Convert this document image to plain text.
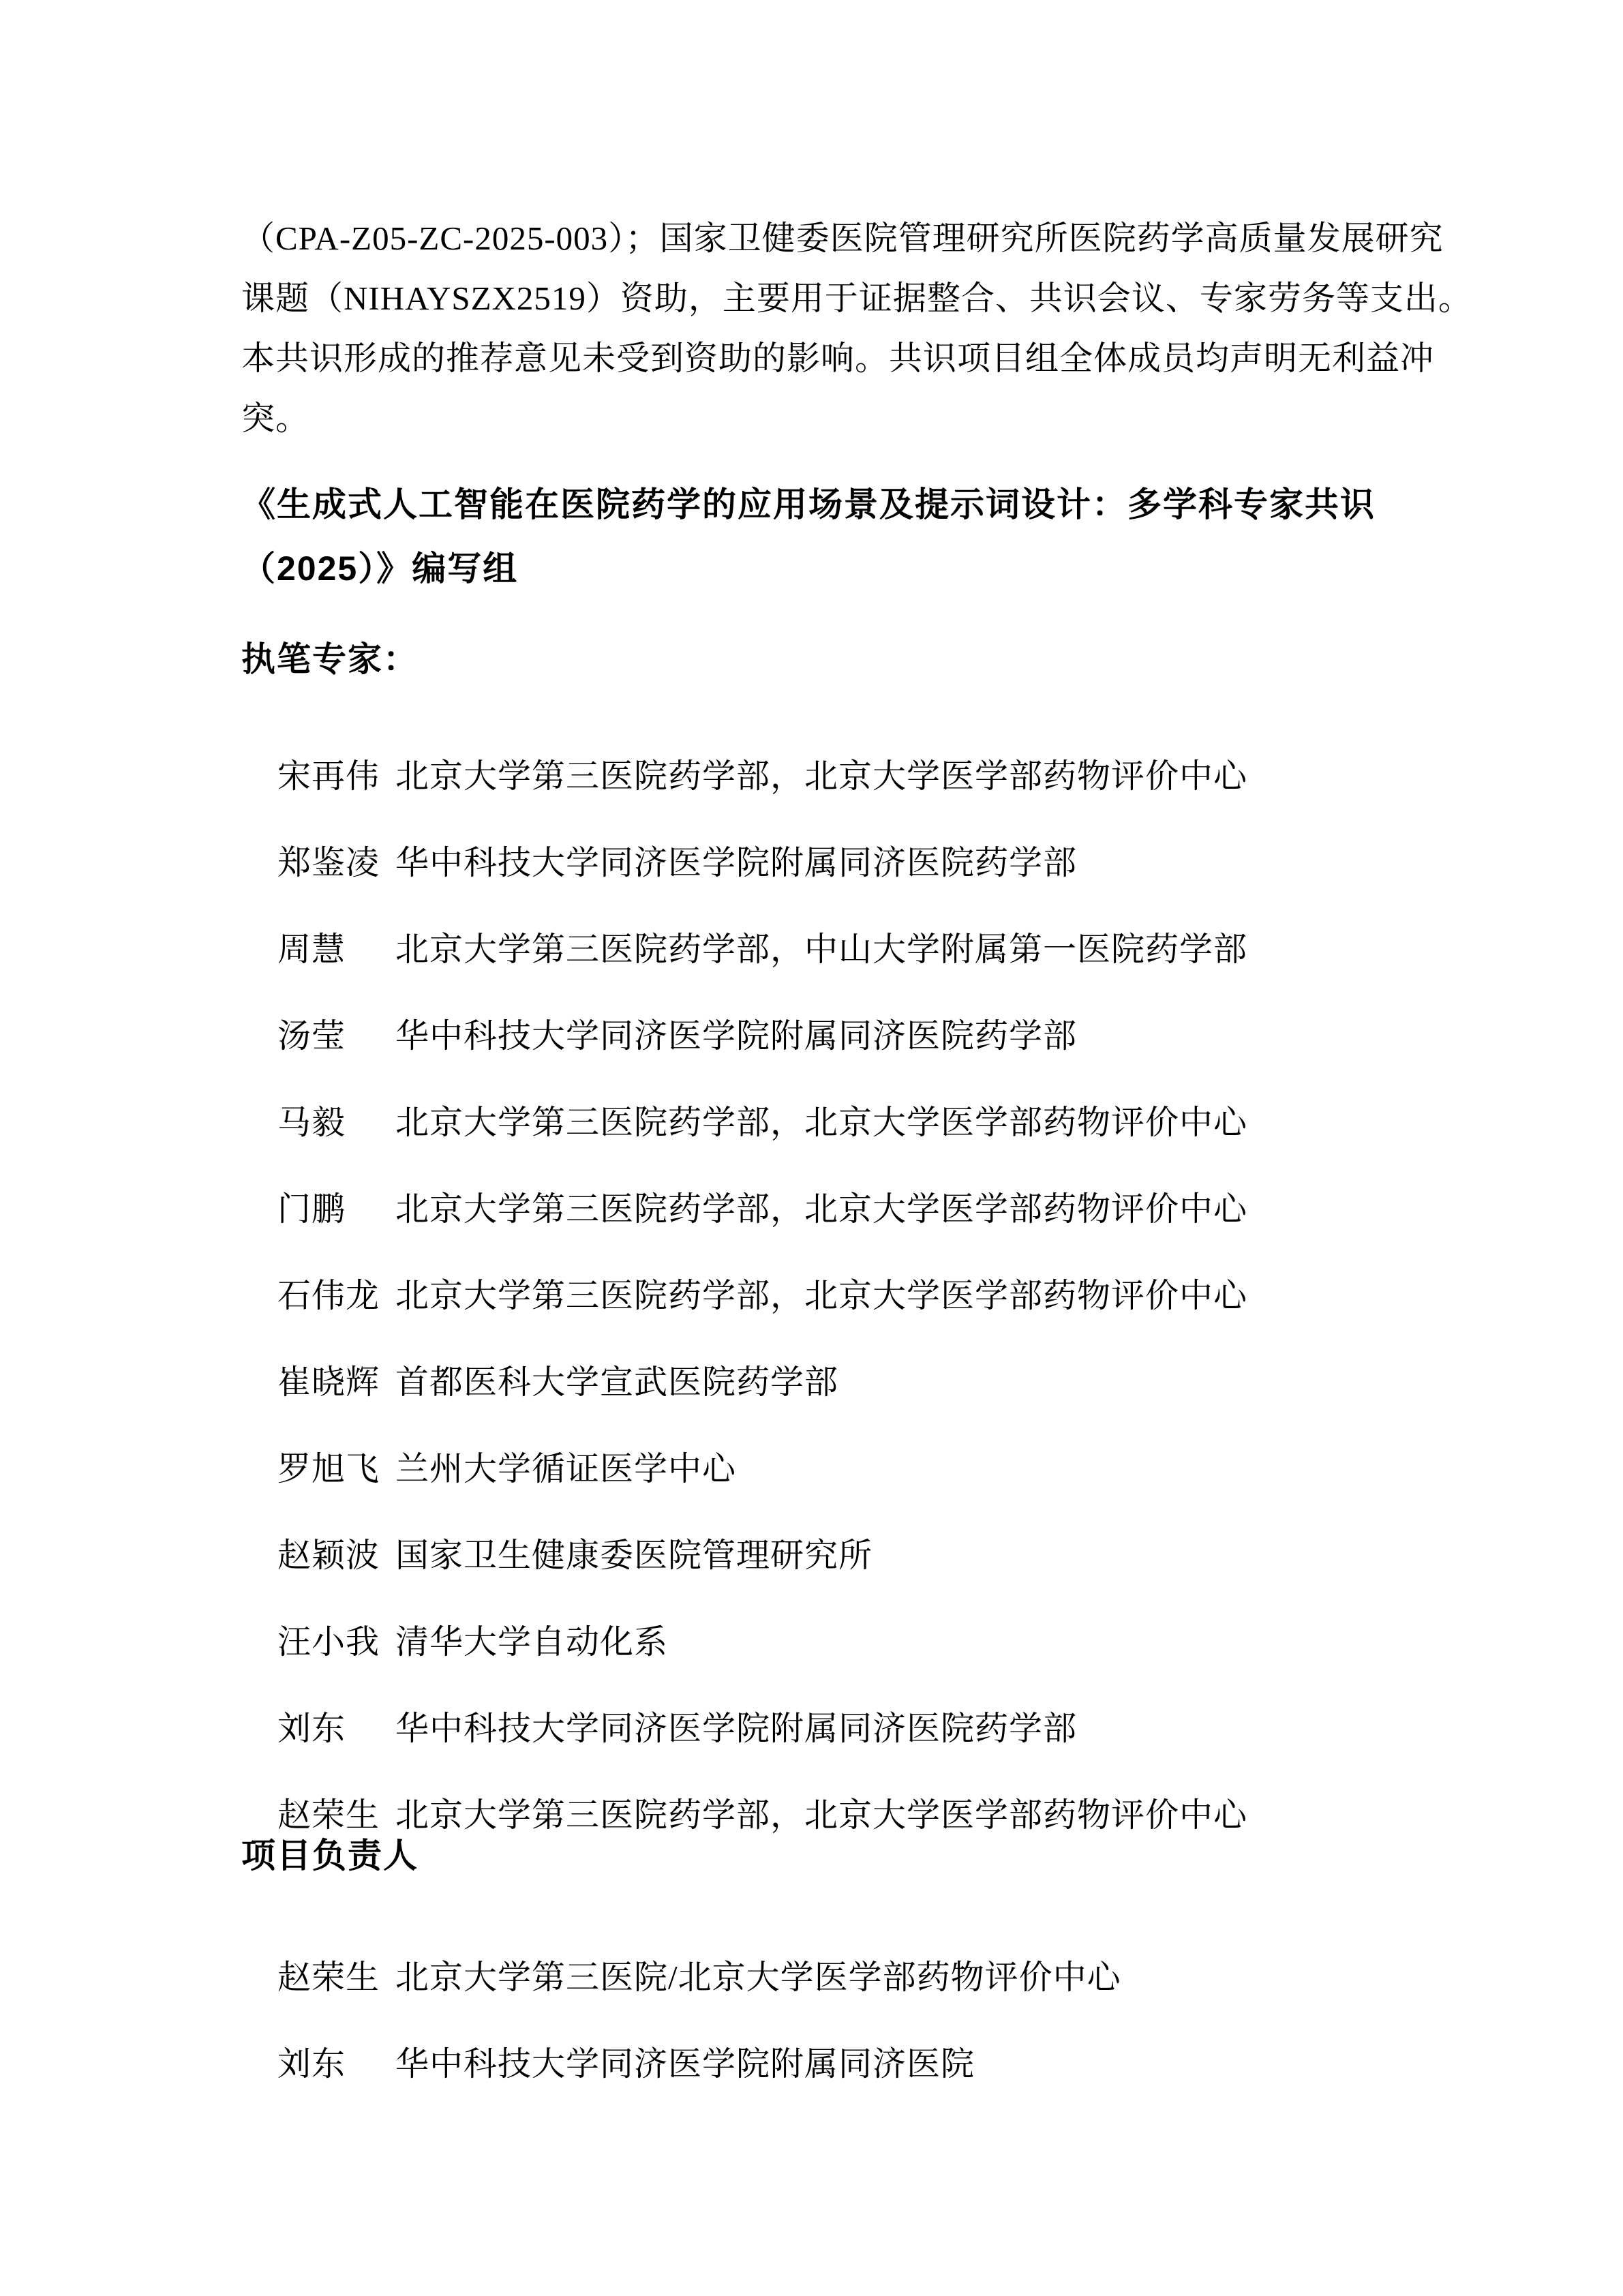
（CPA-Z05-ZC-2025-003）；国家卫健委医院管理研究所医院药学高质量发展研究
课题（NIHAYSZX2519）资助，主要用于证据整合、共识会议、专家劳务等支出。
本共识形成的推荐意见未受到资助的影响。共识项目组全体成员均声明无利益冲
突。
《生成式人工智能在医院药学的应用场景及提示词设计：多学科专家共识
（2025）》编写组
执笔专家：

宋再伟 北京大学第三医院药学部，北京大学医学部药物评价中心

郑鉴凌 华中科技大学同济医学院附属同济医院药学部

周慧 北京大学第三医院药学部，中山大学附属第一医院药学部

汤莹 华中科技大学同济医学院附属同济医院药学部

马毅 北京大学第三医院药学部，北京大学医学部药物评价中心

门鹏 北京大学第三医院药学部，北京大学医学部药物评价中心

石伟龙 北京大学第三医院药学部，北京大学医学部药物评价中心

崔晓辉 首都医科大学宣武医院药学部

罗旭飞 兰州大学循证医学中心

赵颖波 国家卫生健康委医院管理研究所

汪小我 清华大学自动化系

刘东 华中科技大学同济医学院附属同济医院药学部

赵荣生 北京大学第三医院药学部，北京大学医学部药物评价中心

项目负责人

赵荣生 北京大学第三医院/北京大学医学部药物评价中心

刘东 华中科技大学同济医学院附属同济医院
